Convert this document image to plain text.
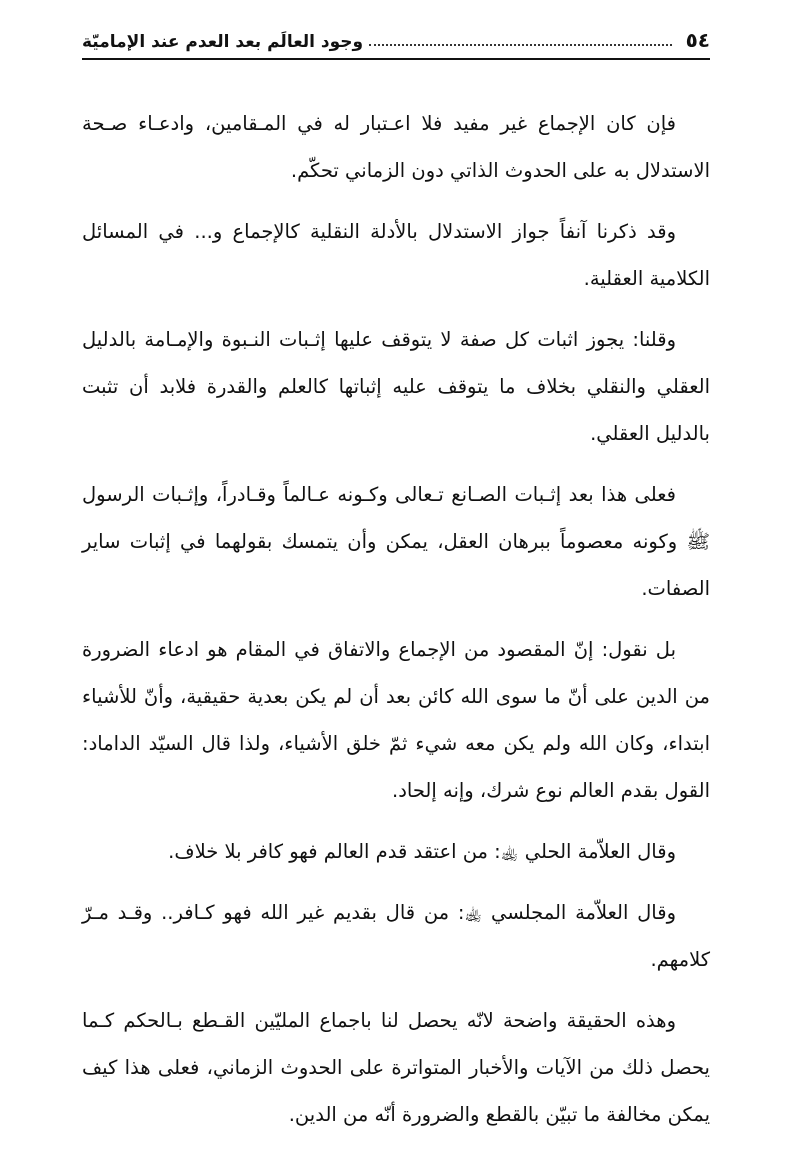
٥٤
وجود العالَم بعد العدم عند الإماميّة

فإن كان الإجماع غير مفيد فلا اعـتبار له في المـقامين، وادعـاء صـحة الاستدلال به على الحدوث الذاتي دون الزماني تحكّم.

وقد ذكرنا آنفاً جواز الاستدلال بالأدلة النقلية كالإجماع و... في المسائل الكلامية العقلية.

وقلنا: يجوز اثبات كل صفة لا يتوقف عليها إثـبات النـبوة والإمـامة بالدليل العقلي والنقلي بخلاف ما يتوقف عليه إثباتها كالعلم والقدرة فلابد أن تثبت بالدليل العقلي.

فعلى هذا بعد إثـبات الصـانع تـعالى وكـونه عـالماً وقـادراً، وإثـبات الرسول ﷺ وكونه معصوماً ببرهان العقل، يمكن وأن يتمسك بقولهما في إثبات ساير الصفات.

بل نقول: إنّ المقصود من الإجماع والاتفاق في المقام هو ادعاء الضرورة من الدين على أنّ ما سوى الله كائن بعد أن لم يكن بعدية حقيقية، وأنّ للأشياء ابتداء، وكان الله ولم يكن معه شيء ثمّ خلق الأشياء، ولذا قال السيّد الداماد: القول بقدم العالم نوع شرك، وإنه إلحاد.

وقال العلاّمة الحلي ﵀: من اعتقد قدم العالم فهو كافر بلا خلاف.

وقال العلاّمة المجلسي ﵀: من قال بقديم غير الله فهو كـافر.. وقـد مـرّ كلامهم.

وهذه الحقيقة واضحة لانّه يحصل لنا باجماع المليّين القـطع بـالحكم كـما يحصل ذلك من الآيات والأخبار المتواترة على الحدوث الزماني، فعلى هذا كيف يمكن مخالفة ما تبيّن بالقطع والضرورة أنّه من الدين.
